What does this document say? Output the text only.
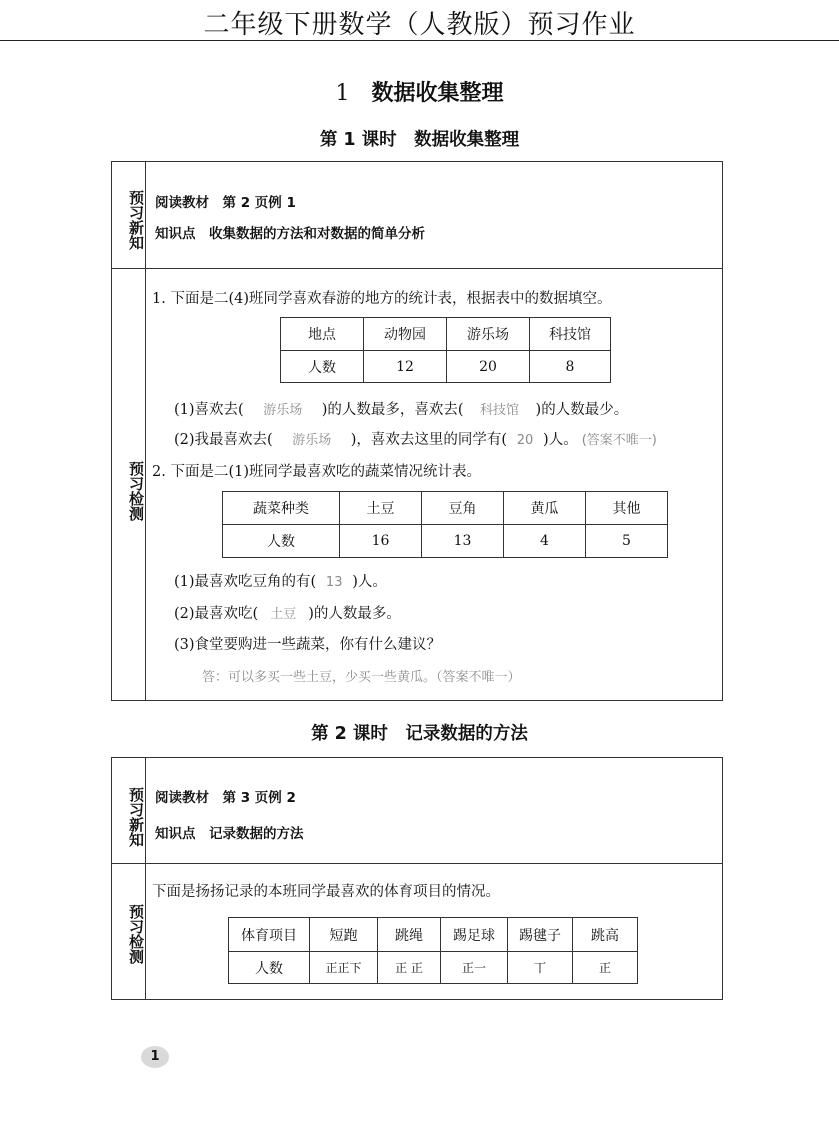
二年级下册数学（人教版）预习作业
1 数据收集整理
第 1 课时　数据收集整理
预习新知
预习检测
阅读教材　第 2 页例 1
知识点　收集数据的方法和对数据的简单分析
1. 下面是二(4)班同学喜欢春游的地方的统计表，根据表中的数据填空。
地点	动物园	游乐场	科技馆
人数	12	20	8
(1)喜欢去( 游乐场 )的人数最多，喜欢去( 科技馆 )的人数最少。
(2)我最喜欢去( 游乐场 )，喜欢去这里的同学有( 20 )人。 (答案不唯一)
2. 下面是二(1)班同学最喜欢吃的蔬菜情况统计表。
蔬菜种类	土豆	豆角	黄瓜	其他
人数	16	13	4	5
(1)最喜欢吃豆角的有( 13 )人。
(2)最喜欢吃( 土豆 )的人数最多。
(3)食堂要购进一些蔬菜，你有什么建议？
答：可以多买一些土豆，少买一些黄瓜。（答案不唯一）
第 2 课时　记录数据的方法
预习新知
预习检测
阅读教材　第 3 页例 2
知识点　记录数据的方法
下面是扬扬记录的本班同学最喜欢的体育项目的情况。
体育项目	短跑	跳绳	踢足球	踢毽子	跳高
人数	正正下	正 正	正一	丅	正
1
